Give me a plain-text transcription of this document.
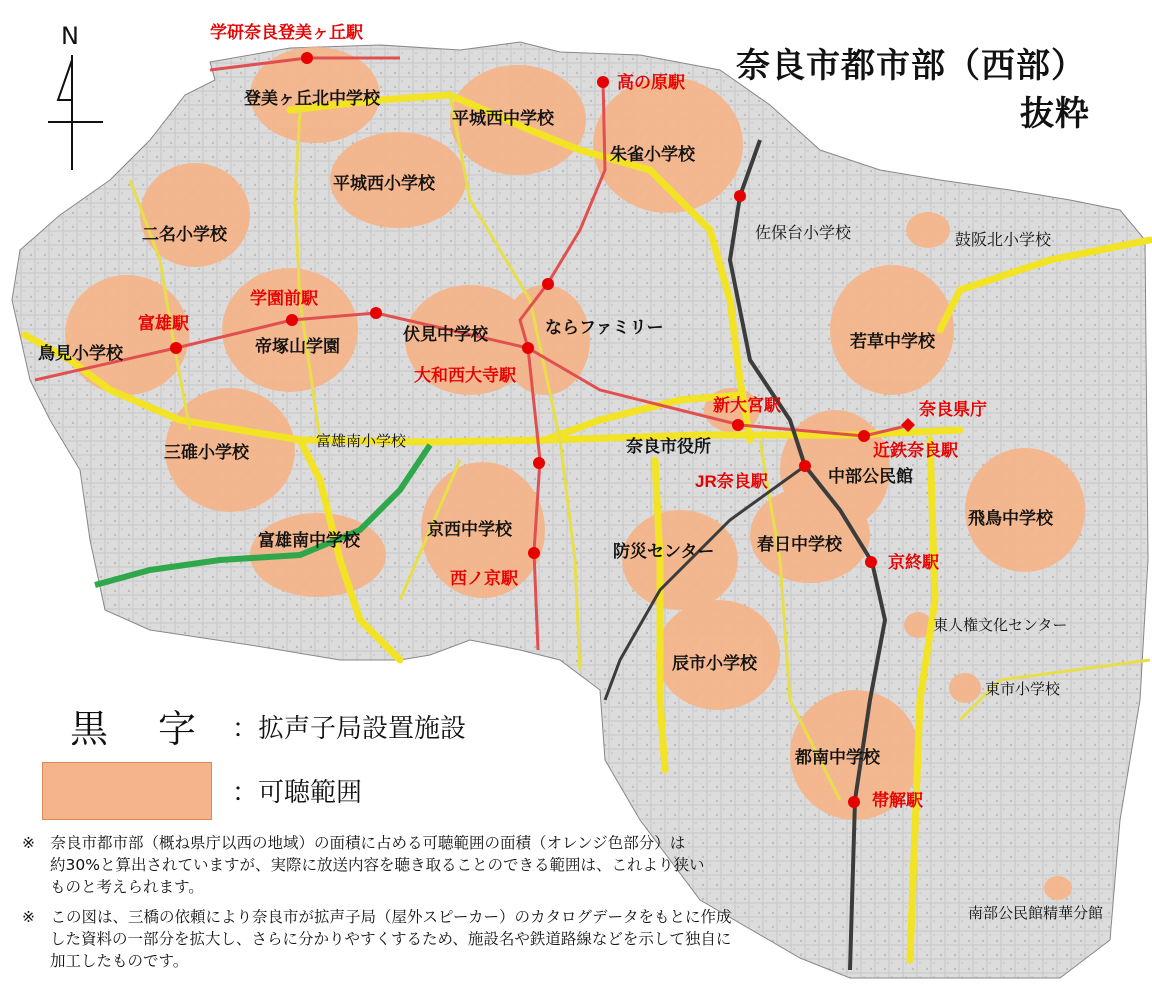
N
登美ヶ丘北中学校
平城西中学校
朱雀小学校
平城西小学校
佐保台小学校	鼓阪北小学校
二名小学校
若草中学校
帝塚山学園
伏見中学校	ならファミリー
鳥見小学校
三碓小学校
富雄南小学校	奈良市役所
中部公民館
飛鳥中学校
京西中学校
富雄南中学校
防災センター	春日中学校
東人権文化センター
辰市小学校
東市小学校
都南中学校
南部公民館精華分館
学研奈良登美ヶ丘駅
高の原駅
学園前駅
富雄駅
大和西大寺駅
新大宮駅
近鉄奈良駅
JR奈良駅
京終駅
西ノ京駅
帯解駅
奈良県庁
奈良市都市部（西部）
抜粋
黒　字 ：拡声子局設置施設
：可聴範囲
※　奈良市都市部（概ね県庁以西の地域）の面積に占める可聴範囲の面積（オレンジ色部分）は
約30%と算出されていますが、実際に放送内容を聴き取ることのできる範囲は、これより狭い
ものと考えられます。
※　この図は、三橋の依頼により奈良市が拡声子局（屋外スピーカー）のカタログデータをもとに作成
した資料の一部分を拡大し、さらに分かりやすくするため、施設名や鉄道路線などを示して独自に
加工したものです。
